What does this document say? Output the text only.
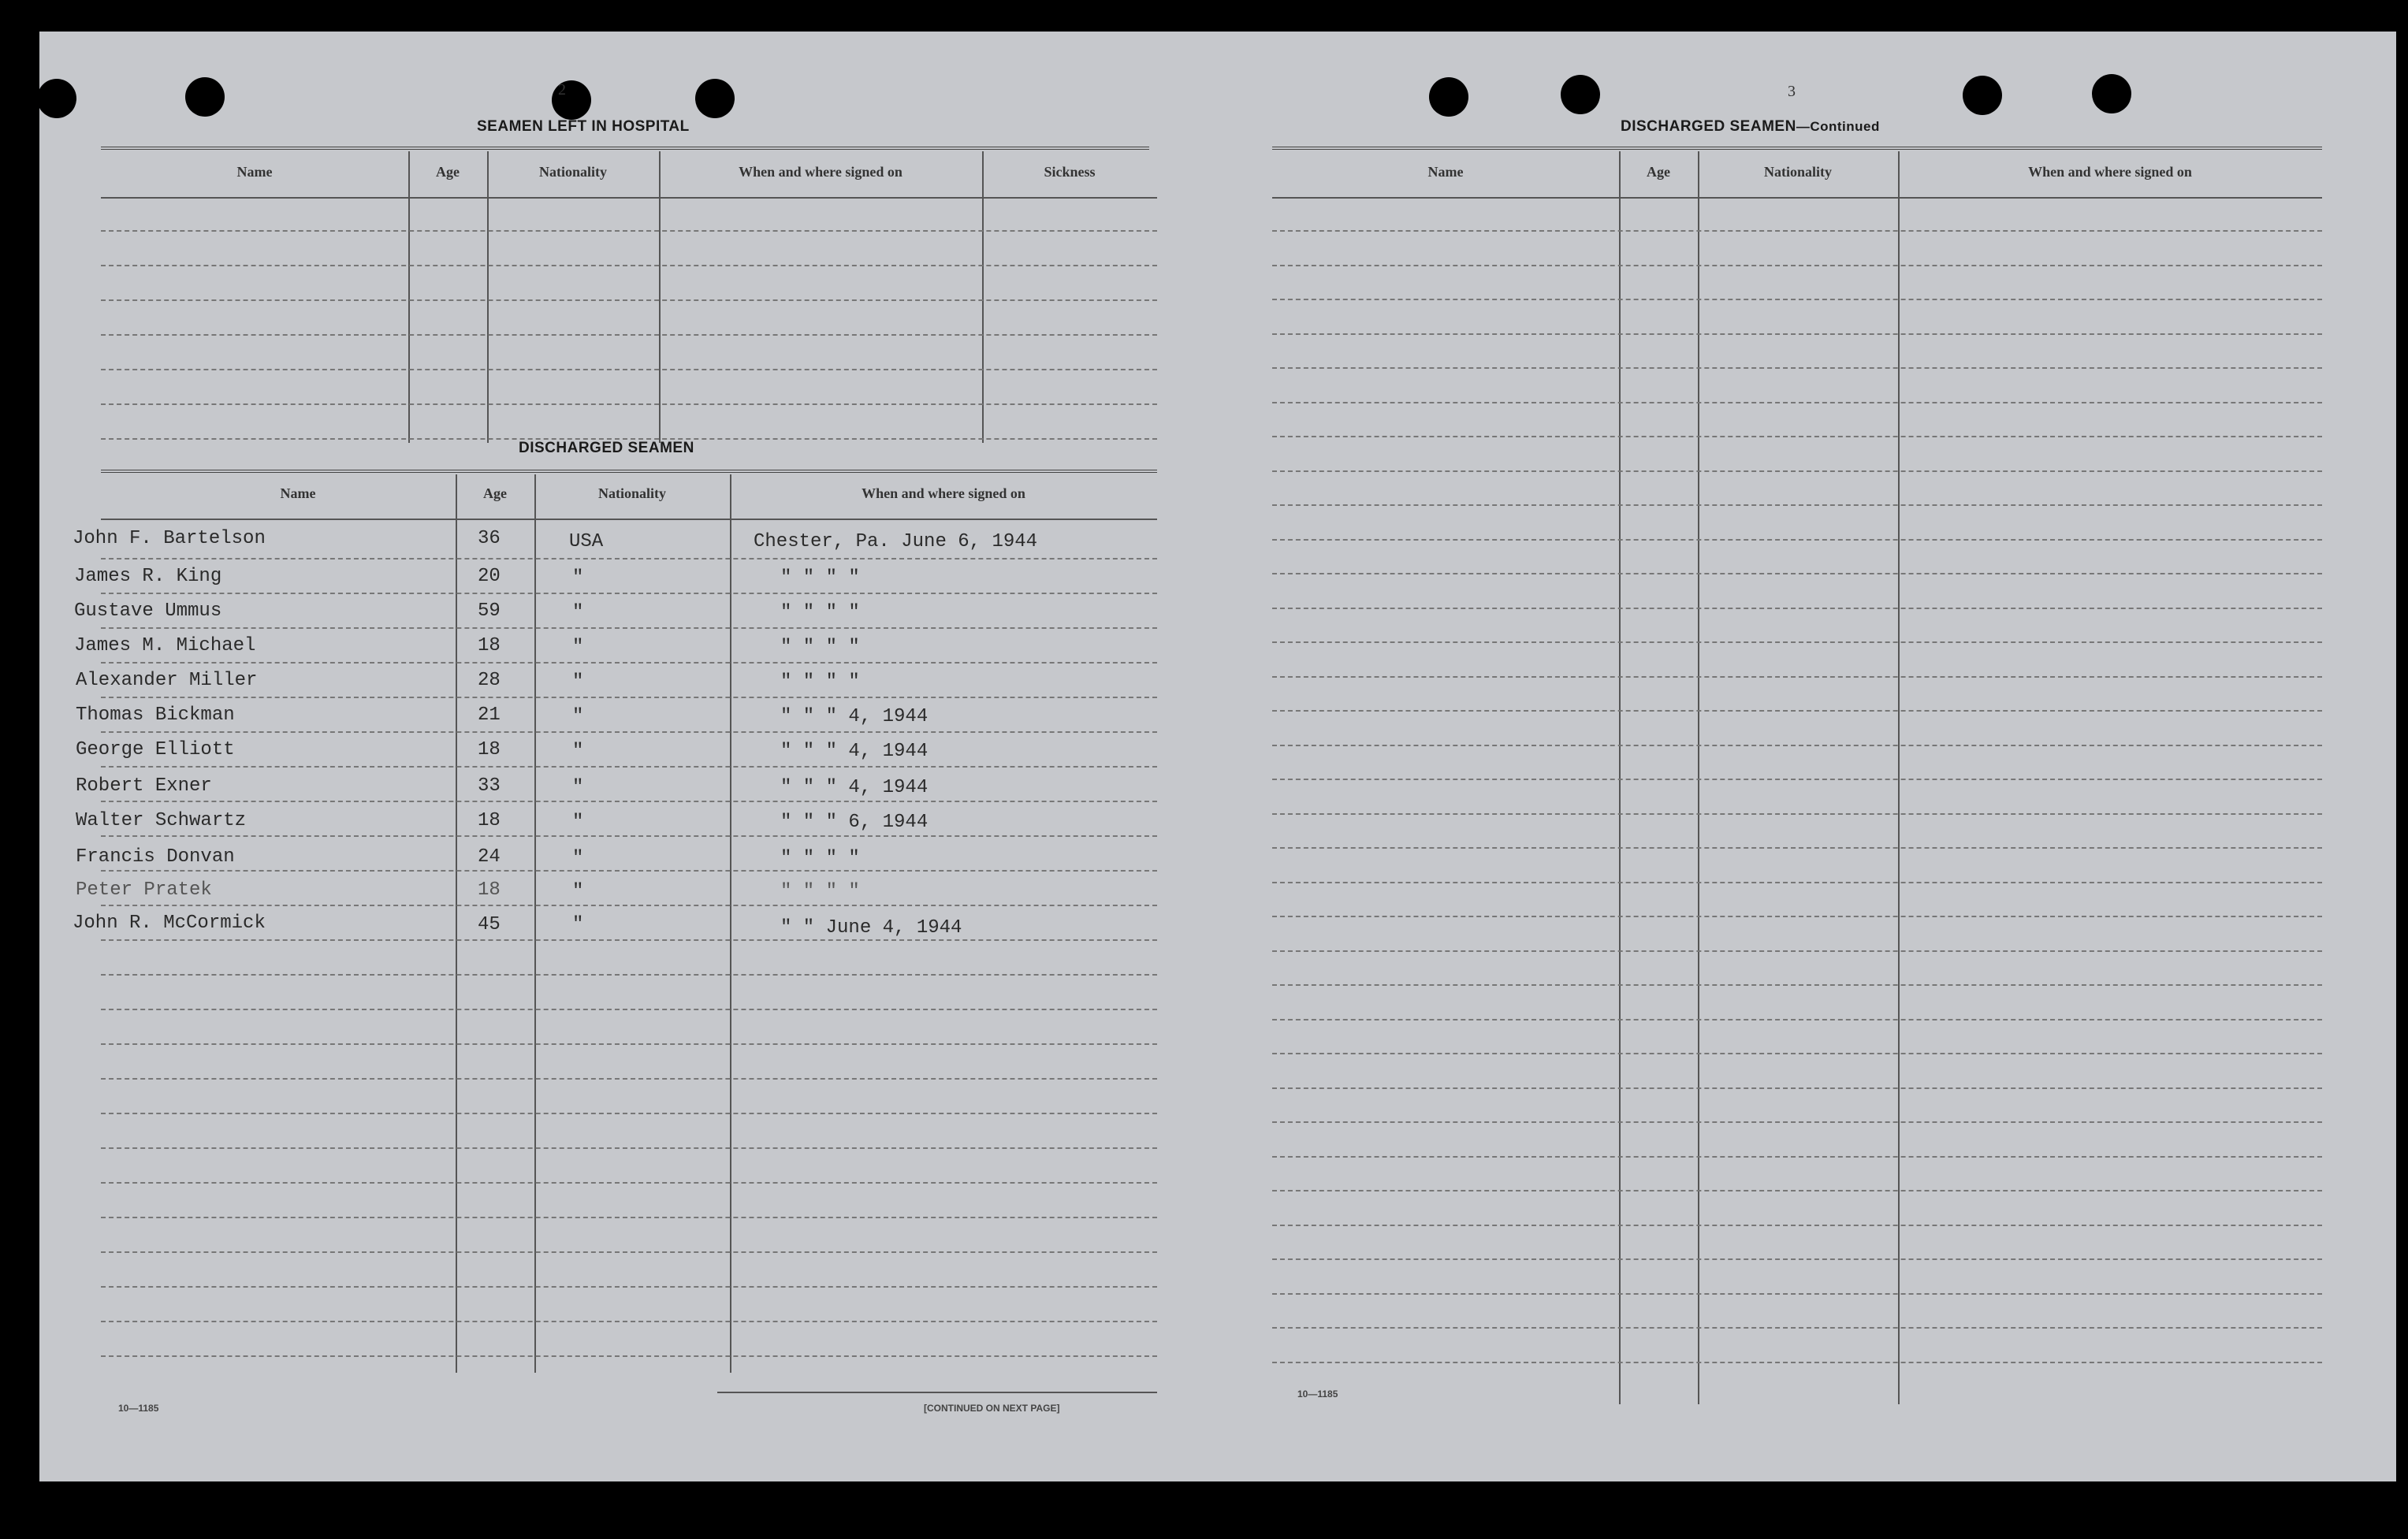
2
SEAMEN LEFT IN HOSPITAL
Name	Age	Nationality	When and where signed on	Sickness
DISCHARGED SEAMEN
Name	Age	Nationality	When and where signed on
John F. Bartelson	36	USA	Chester, Pa. June 6, 1944
James R. King	20	"	" " " "
Gustave Ummus	59	"	" " " "
James M. Michael	18	"	" " " "
Alexander Miller	28	"	" " " "
Thomas Bickman	21	"	" " " 4, 1944
George Elliott	18	"	" " " 4, 1944
Robert Exner	33	"	" " " 4, 1944
Walter Schwartz	18	"	" " " 6, 1944
Francis Donvan	24	"	" " " "
Peter Pratek	18	"	" " " "
John R. McCormick	45	"	" " June 4, 1944
10—1185	[CONTINUED ON NEXT PAGE]
3
DISCHARGED SEAMEN—Continued
Name	Age	Nationality	When and where signed on
10—1185
